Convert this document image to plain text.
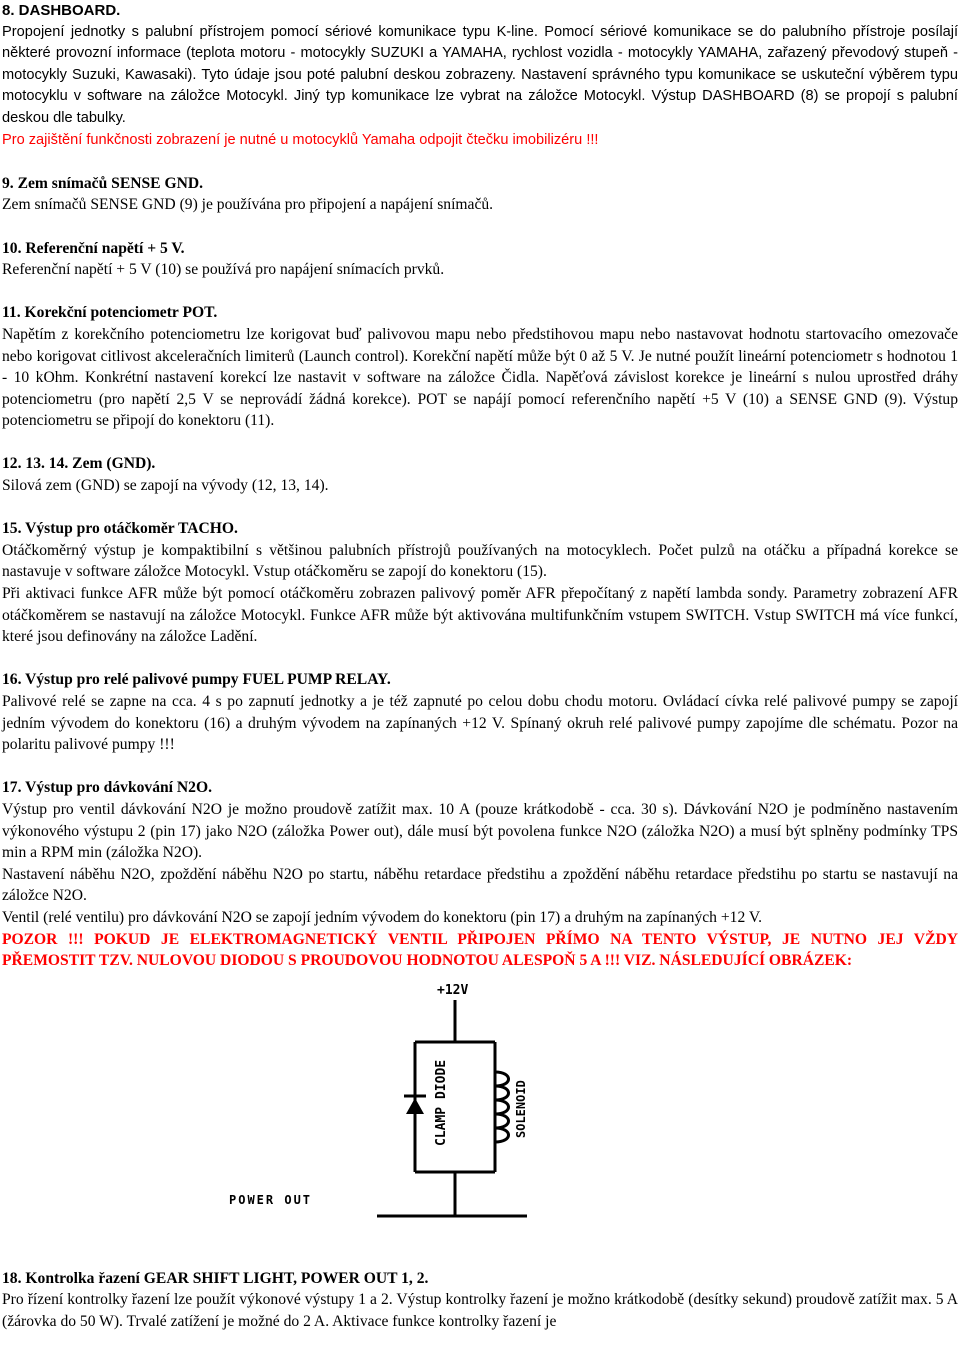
8. DASHBOARD.

Propojení jednotky s palubní přístrojem pomocí sériové komunikace typu K-line. Pomocí sériové komunikace se do palubního přístroje posílají některé provozní informace (teplota motoru - motocykly SUZUKI a YAMAHA, rychlost vozidla - motocykly YAMAHA, zařazený převodový stupeň - motocykly Suzuki, Kawasaki). Tyto údaje jsou poté palubní deskou zobrazeny. Nastavení správného typu komunikace se uskuteční výběrem typu motocyklu v software na záložce Motocykl. Jiný typ komunikace lze vybrat na záložce Motocykl. Výstup DASHBOARD (8) se propojí s palubní deskou dle tabulky.

Pro zajištění funkčnosti zobrazení je nutné u motocyklů Yamaha odpojit čtečku imobilizéru !!!

9. Zem snímačů SENSE GND.

Zem snímačů SENSE GND (9) je používána pro připojení a napájení snímačů.

10. Referenční napětí + 5 V.

Referenční napětí + 5 V (10) se používá pro napájení snímacích prvků.

11. Korekční potenciometr POT.

Napětím z korekčního potenciometru lze korigovat buď palivovou mapu nebo předstihovou mapu nebo nastavovat hodnotu startovacího omezovače nebo korigovat citlivost akceleračních limiterů (Launch control). Korekční napětí může být 0 až 5 V. Je nutné použít lineární potenciometr s hodnotou 1 - 10 kOhm. Konkrétní nastavení korekcí lze nastavit v software na záložce Čidla. Napěťová závislost korekce je lineární s nulou uprostřed dráhy potenciometru (pro napětí 2,5 V se neprovádí žádná korekce). POT se napájí pomocí referenčního napětí +5 V (10) a SENSE GND (9). Výstup potenciometru se připojí do konektoru (11).

12. 13. 14. Zem (GND).

Silová zem (GND) se zapojí na vývody (12, 13, 14).

15. Výstup pro otáčkoměr TACHO.

Otáčkoměrný výstup je kompaktibilní s většinou palubních přístrojů používaných na motocyklech. Počet pulzů na otáčku a případná korekce se nastavuje v software záložce Motocykl. Vstup otáčkoměru se zapojí do konektoru (15).

Při aktivaci funkce AFR může být pomocí otáčkoměru zobrazen palivový poměr AFR přepočítaný z napětí lambda sondy. Parametry zobrazení AFR otáčkoměrem se nastavují na záložce Motocykl. Funkce AFR může být aktivována multifunkčním vstupem SWITCH. Vstup SWITCH má více funkcí, které jsou definovány na záložce Ladění.

16. Výstup pro relé palivové pumpy FUEL PUMP RELAY.

Palivové relé se zapne na cca. 4 s po zapnutí jednotky a je též zapnuté po celou dobu chodu motoru. Ovládací cívka relé palivové pumpy se zapojí jedním vývodem do konektoru (16) a druhým vývodem na zapínaných +12 V. Spínaný okruh relé palivové pumpy zapojíme dle schématu. Pozor na polaritu palivové pumpy !!!

17. Výstup pro dávkování N2O.

Výstup pro ventil dávkování N2O je možno proudově zatížit max. 10 A (pouze krátkodobě - cca. 30 s). Dávkování N2O je podmíněno nastavením výkonového výstupu 2 (pin 17) jako N2O (záložka Power out), dále musí být povolena funkce N2O (záložka N2O) a musí být splněny podmínky TPS min a RPM min (záložka N2O).

Nastavení náběhu N2O, zpoždění náběhu N2O po startu, náběhu retardace předstihu a zpoždění náběhu retardace předstihu po startu se nastavují na záložce N2O.

Ventil (relé ventilu) pro dávkování N2O se zapojí jedním vývodem do konektoru (pin 17) a druhým na zapínaných +12 V.

POZOR !!! POKUD JE ELEKTROMAGNETICKÝ VENTIL PŘIPOJEN PŘÍMO NA TENTO VÝSTUP, JE NUTNO JEJ VŽDY PŘEMOSTIT TZV. NULOVOU DIODOU S PROUDOVOU HODNOTOU ALESPOŇ 5 A !!! VIZ. NÁSLEDUJÍCÍ OBRÁZEK:

+12V
CLAMP DIODE	SOLENOID
POWER OUT

18. Kontrolka řazení GEAR SHIFT LIGHT, POWER OUT 1, 2.

Pro řízení kontrolky řazení lze použít výkonové výstupy 1 a 2. Výstup kontrolky řazení je možno krátkodobě (desítky sekund) proudově zatížit max. 5 A (žárovka do 50 W). Trvalé zatížení je možné do 2 A. Aktivace funkce kontrolky řazení je
